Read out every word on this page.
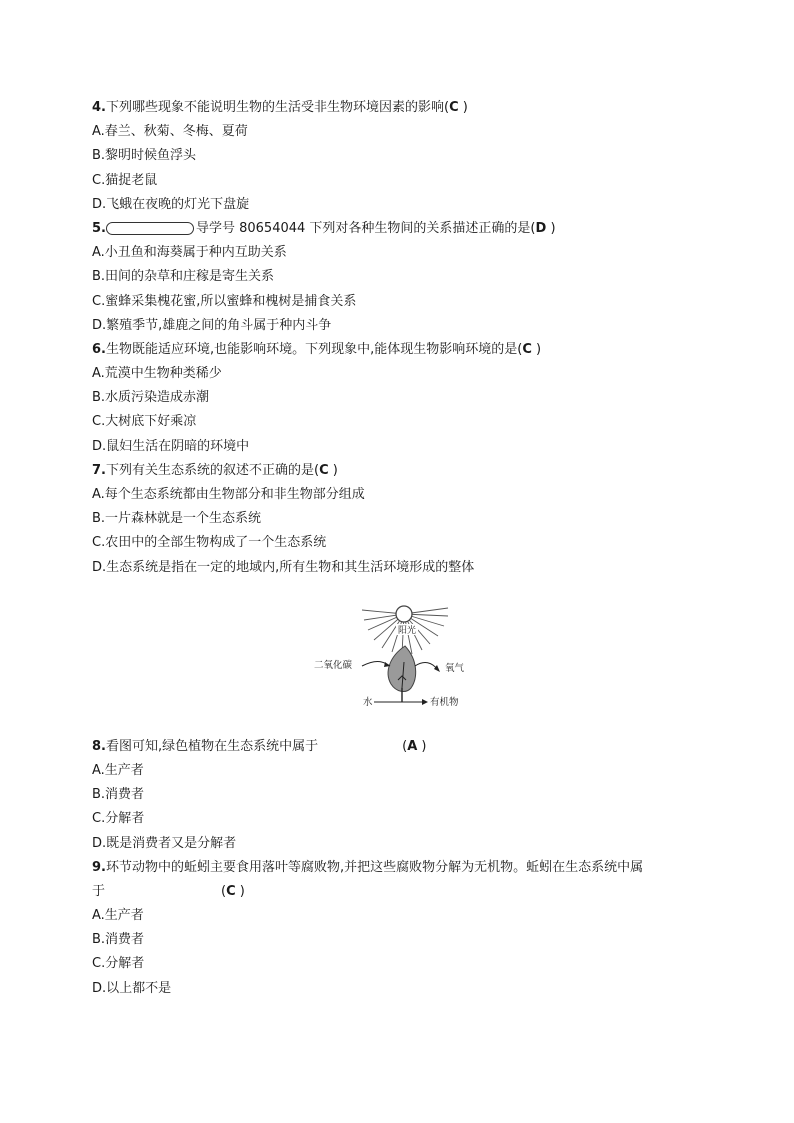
4.下列哪些现象不能说明生物的生活受非生物环境因素的影响(C )
A.春兰、秋菊、冬梅、夏荷
B.黎明时候鱼浮头
C.猫捉老鼠
D.飞蛾在夜晚的灯光下盘旋
5.	导学号 80654044 下列对各种生物间的关系描述正确的是(D )
A.小丑鱼和海葵属于种内互助关系
B.田间的杂草和庄稼是寄生关系
C.蜜蜂采集槐花蜜,所以蜜蜂和槐树是捕食关系
D.繁殖季节,雄鹿之间的角斗属于种内斗争
6.生物既能适应环境,也能影响环境。下列现象中,能体现生物影响环境的是(C )
A.荒漠中生物种类稀少
B.水质污染造成赤潮
C.大树底下好乘凉
D.鼠妇生活在阴暗的环境中
7.下列有关生态系统的叙述不正确的是(C )
A.每个生态系统都由生物部分和非生物部分组成
B.一片森林就是一个生态系统
C.农田中的全部生物构成了一个生态系统
D.生态系统是指在一定的地域内,所有生物和其生活环境形成的整体
阳光
二氧化碳	氧气
水	有机物
8.看图可知,绿色植物在生态系统中属于	(A )
A.生产者
B.消费者
C.分解者
D.既是消费者又是分解者
9.环节动物中的蚯蚓主要食用落叶等腐败物,并把这些腐败物分解为无机物。蚯蚓在生态系统中属
于	(C )
A.生产者
B.消费者
C.分解者
D.以上都不是
